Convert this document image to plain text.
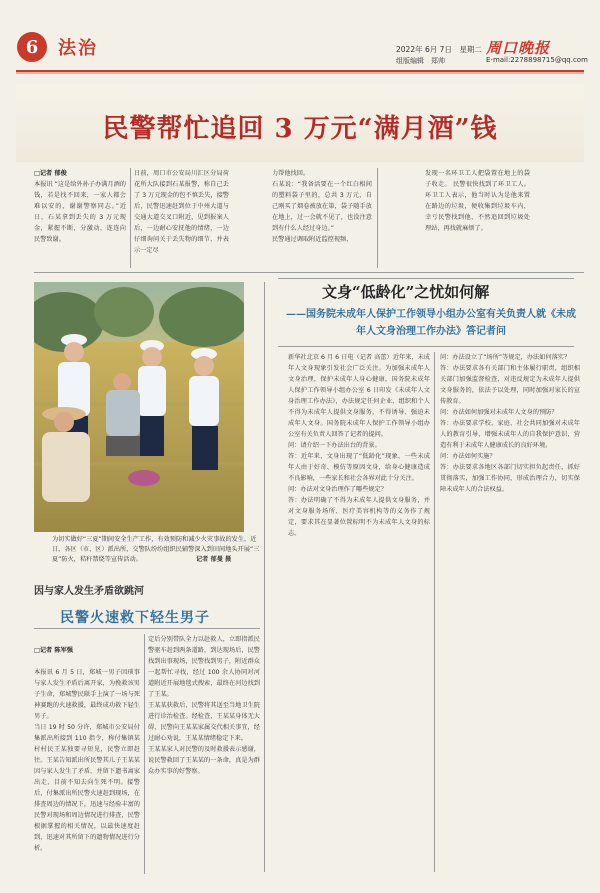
6	法治	2022年 6月 7日　星期二 周口晚报
组版编辑　郑帅	E-mail:2278898715@qq.com
民警帮忙追回 3 万元“满月酒”钱
□记者 郁俊
本报讯 “这是给外孙子办满月酒的钱，若是找不回来，一家人都会难以安的，谢谢警察同志。”近日，石某拿到丢失的 3 万元现金，紧握不断，分激动，连连向民警致谢。
日前，周口市公安局川汇区分局荷花所大队接到石某报警，称自己丢了 3 万元现金的包不慎丢失，接警后，民警迅速赶到位于中州大道与交通大道交叉口附近，见到报案人后，一边耐心安抚他的情绪，一边仔细询问关于丢失物的细节，并表示一定尽
力帮他找回。
石某说：“我备活要在一个红白相间的塑料袋子里的，总共 3 万元，自己刚买了烟卷被放在第，袋子随手放在地上，过一会就不见了，也没注意到有什么人经过身边。”
民警通过调取附近监控视频，
发现一名环卫工人把袋置在地上的袋子收走。 民警很快找到了环卫工人。环卫工人表示，他当时认为是他来置在路边的垃圾，便收集到垃圾车内，幸亏民警找到他，不然追回到垃圾处理站，再找就麻烦了。
为切实做好“三夏”期间安全生产工作，有效预防和减少火灾事故的发生，近日，各区（市、区）派出所，交警队纷纷组织民辅警深入到田间地头开展“三夏”防火，秸秆禁烧等宣传活动。	记者 郁曼 摄
文身“低龄化”之忧如何解
——国务院未成年人保护工作领导小组办公室有关负责人就《未成年人文身治理工作办法》答记者问
新华社北京 6 月 6 日电（记者 高蕾）近年来，未成年人文身现象引发社会广泛关注。为加强未成年人文身治理，保护未成年人身心健康，国务院未成年人保护工作领导小组办公室 6 日印发《未成年人文身治理工作办法》，办法规定任何企业、组织和个人不得为未成年人提供文身服务，不得诱导、强迫未成年人文身。国务院未成年人保护工作领导小组办公室有关负责人回答了记者的提问。
问：请介绍一下办法出台的背景。
答：近年来，文身出现了“低龄化”现象，一些未成年人由于好奇、模仿等原因文身，给身心健康造成不良影响，一些家长和社会各界对此十分关注。
问：办法对文身治理作了哪些规定？
答：办法明确了不得为未成年人提供文身服务，并对文身服务场所、医疗美容机构等的义务作了规定，要求其在显著位置标明不为未成年人文身的标志。
问：办法设立了“场所”等规定，办法如何落实？
答：办法要求各有关部门和主体履行职责，组织相关部门加强监督检查，对违反规定为未成年人提供文身服务的，依法予以处理，同时加强对家长的宣传教育。
问：办法如何加强对未成年人文身的预防？
答：办法要求学校、家庭、社会共同加强对未成年人的教育引导，增强未成年人的自我保护意识，营造有利于未成年人健康成长的良好环境。
问：办法如何实施？
答：办法要求各地区各部门切实担负起责任，抓好贯彻落实，加强工作协同，形成治理合力，切实保障未成年人的合法权益。
因与家人发生矛盾欲跳河
民警火速救下轻生男子

□记者 陈军强

本报讯 6 月 5 日，郑城一男子因琐事与家人发生矛盾后离开家，为挽救该男子生命，郑城警民联手上演了一场与死神赛跑的火速救援，最终成功救下轻生男子。
当日 19 时 50 分许，郑城市公安局付集派出所接到 110 指令，称付集镇某村村民王某独要寻短见，民警立即赶往。王某告知派出所民警其儿子王某某因与家人发生了矛盾，并留下遗书离家出走，目前不知去向生死不明。接警后，付集派出所民警火速赶到现场，在排查周边的情况下，迅速与经验丰富的民警对现场和周边情况进行排查，民警根据掌握的相关情况，以最快速度赶到，迅速对其所留下的遗物情况进行分析。

定后分别带队全力以赴救人，立即指派民警驱车赶到两条道路，到达现场后，民警找到出事现场，民警找到男子，附近群众一起帮忙寻找，经过 100 余人协同对河道附近开展地毯式搜索，最终在河边找到了王某。
王某某获救后，民警将其送至当地卫生院进行诊治检查。经检查，王某某身体无大碍，民警向王某某家属交代相关事宜，经过耐心劝说，王某某情绪稳定下来。
王某某家人对民警的及时救援表示感谢，说民警救回了王某某的一条命，真是为群众办实事的好警察。
